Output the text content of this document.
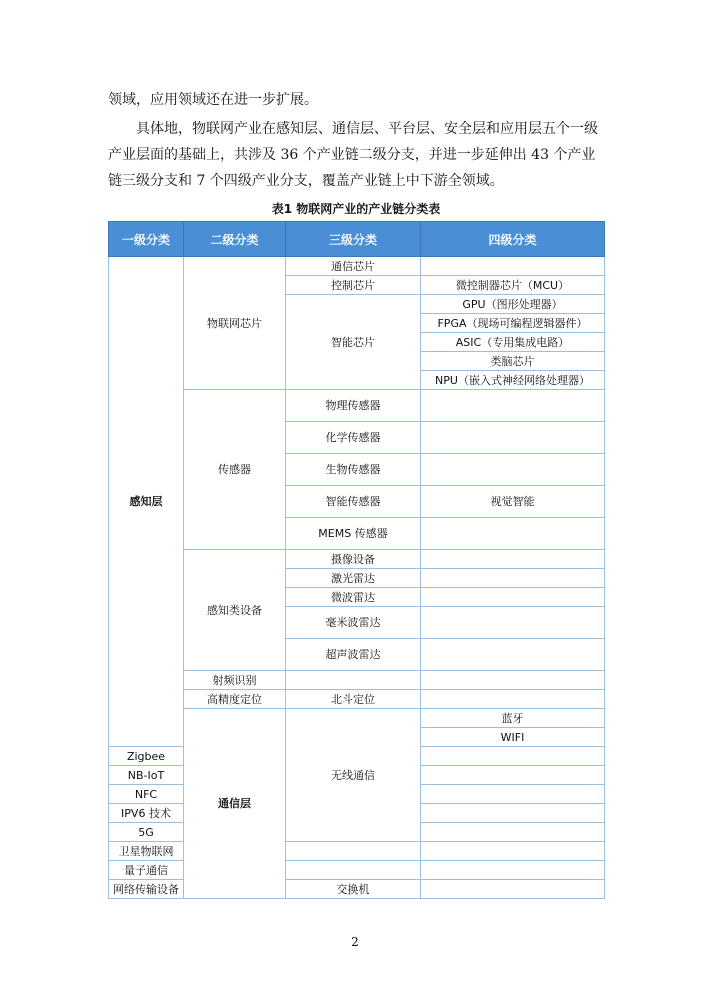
领域，应用领域还在进一步扩展。

具体地，物联网产业在感知层、通信层、平台层、安全层和应用层五个一级产业层面的基础上，共涉及 36 个产业链二级分支，并进一步延伸出 43 个产业链三级分支和 7 个四级产业分支，覆盖产业链上中下游全领域。

表1 物联网产业的产业链分类表
一级分类	二级分类	三级分类	四级分类	
感知层	物联网芯片	通信芯片		
		控制芯片	微控制器芯片（MCU）	
		智能芯片	GPU（图形处理器）	
			FPGA（现场可编程逻辑器件）	
			ASIC（专用集成电路）	
			类脑芯片	
			NPU（嵌入式神经网络处理器）	
	传感器	物理传感器		
		化学传感器		
		生物传感器		
		智能传感器	视觉智能	
		MEMS 传感器		
	感知类设备	摄像设备		
		激光雷达		
		微波雷达		
		毫米波雷达		
		超声波雷达		
	射频识别			
	高精度定位	北斗定位		
	通信层	无线通信	蓝牙	
			WIFI	
Zigbee				
NB-IoT				
NFC				
IPV6 技术				
5G				
卫星物联网				
量子通信				
网络传输设备		交换机		
2
